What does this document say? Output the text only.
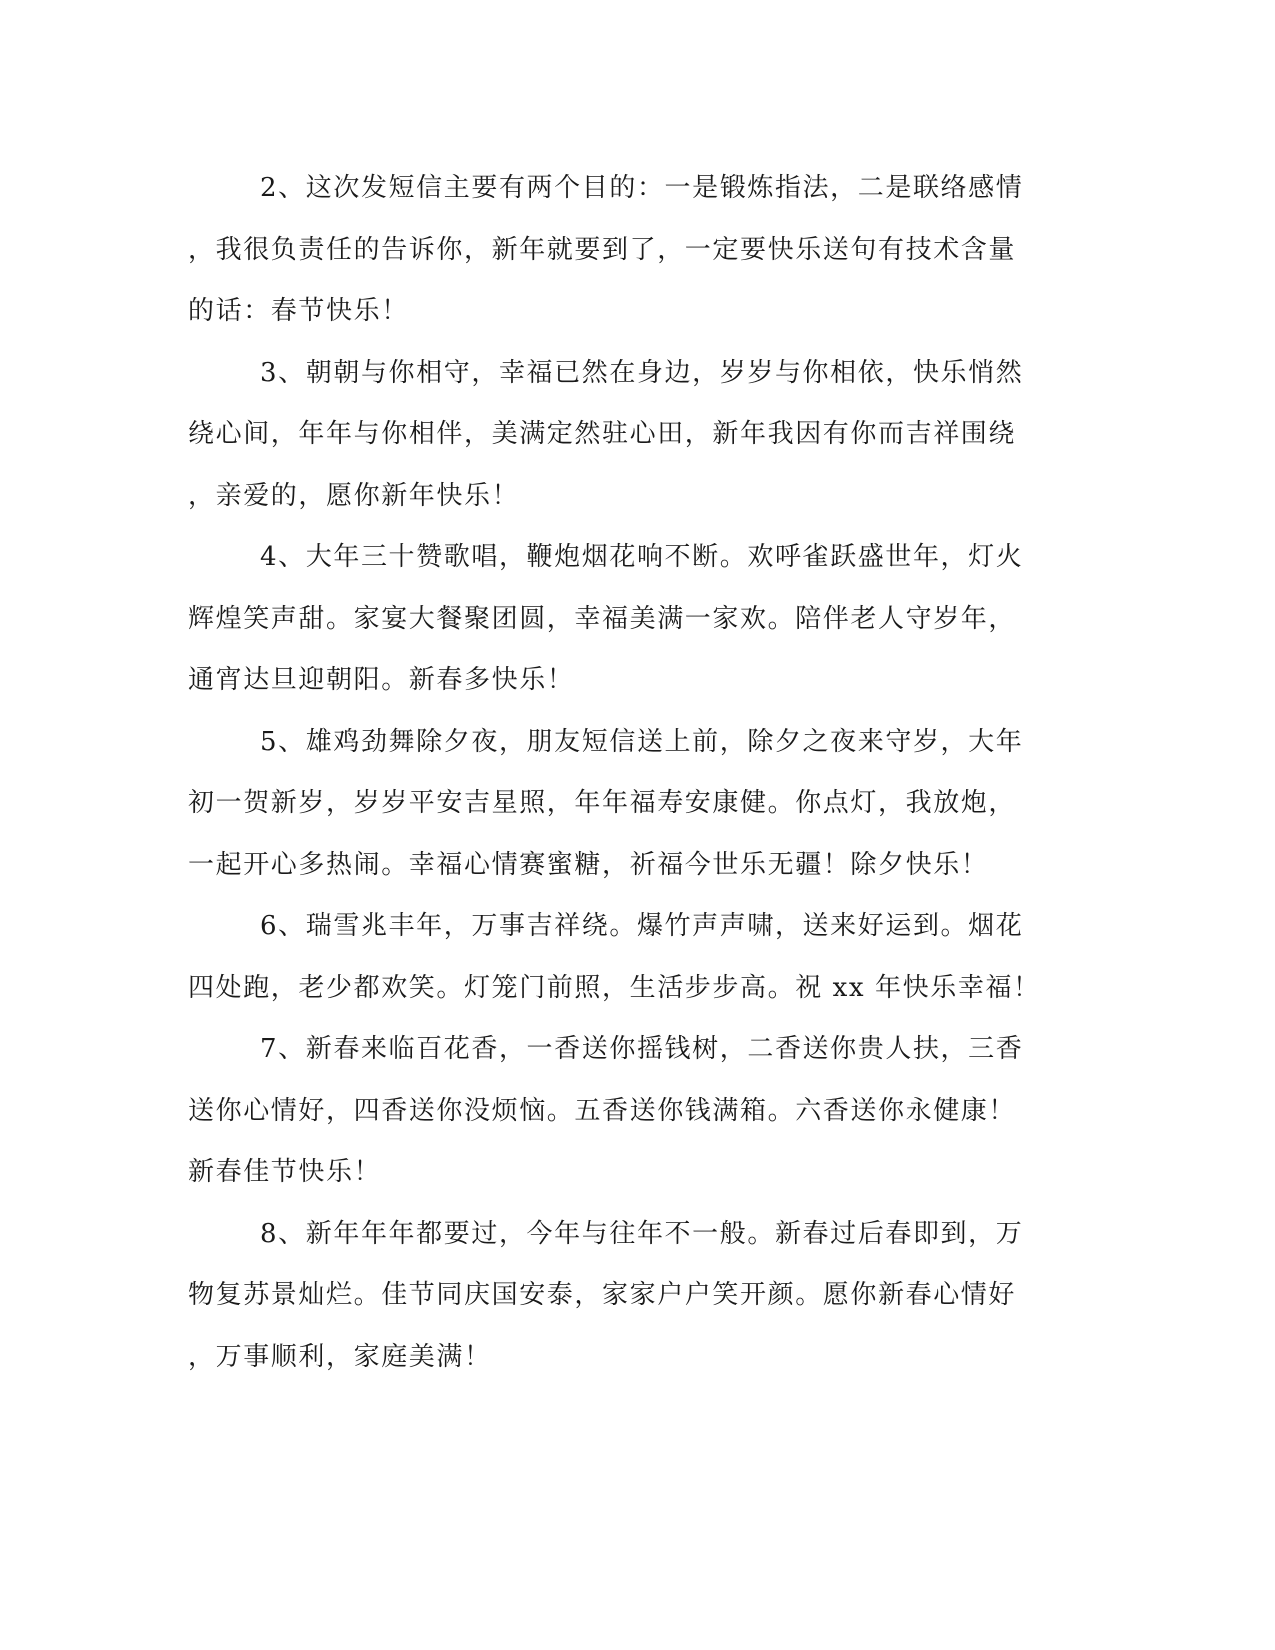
2、这次发短信主要有两个目的：一是锻炼指法，二是联络感情
，我很负责任的告诉你，新年就要到了，一定要快乐送句有技术含量
的话：春节快乐！
3、朝朝与你相守，幸福已然在身边，岁岁与你相依，快乐悄然
绕心间，年年与你相伴，美满定然驻心田，新年我因有你而吉祥围绕
，亲爱的，愿你新年快乐！
4、大年三十赞歌唱，鞭炮烟花响不断。欢呼雀跃盛世年，灯火
辉煌笑声甜。家宴大餐聚团圆，幸福美满一家欢。陪伴老人守岁年，
通宵达旦迎朝阳。新春多快乐！
5、雄鸡劲舞除夕夜，朋友短信送上前，除夕之夜来守岁，大年
初一贺新岁，岁岁平安吉星照，年年福寿安康健。你点灯，我放炮，
一起开心多热闹。幸福心情赛蜜糖，祈福今世乐无疆！除夕快乐！
6、瑞雪兆丰年，万事吉祥绕。爆竹声声啸，送来好运到。烟花
四处跑，老少都欢笑。灯笼门前照，生活步步高。祝 xx 年快乐幸福！
7、新春来临百花香，一香送你摇钱树，二香送你贵人扶，三香
送你心情好，四香送你没烦恼。五香送你钱满箱。六香送你永健康！
新春佳节快乐！
8、新年年年都要过，今年与往年不一般。新春过后春即到，万
物复苏景灿烂。佳节同庆国安泰，家家户户笑开颜。愿你新春心情好
，万事顺利，家庭美满！
